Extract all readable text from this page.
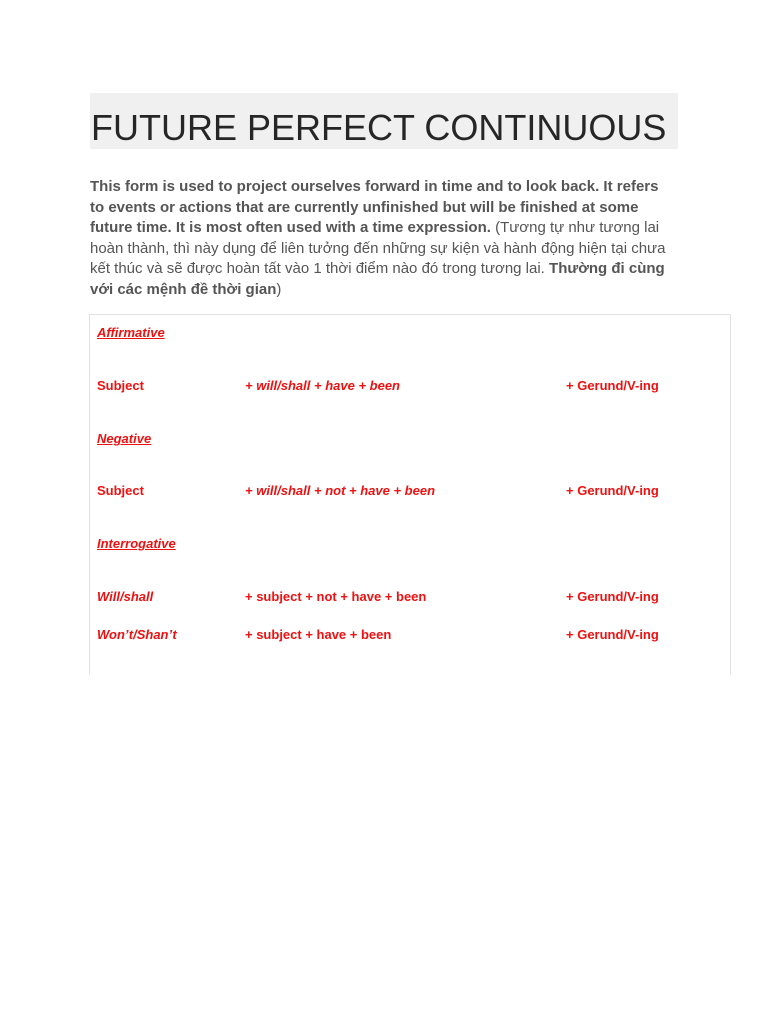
FUTURE PERFECT CONTINUOUS

This form is used to project ourselves forward in time and to look back. It refers to events or actions that are currently unfinished but will be finished at some future time. It is most often used with a time expression. (Tương tự như tương lai hoàn thành, thì này dụng để liên tưởng đến những sự kiện và hành động hiện tại chưa kết thúc và sẽ được hoàn tất vào 1 thời điểm nào đó trong tương lai. Thường đi cùng với các mệnh đề thời gian)

Affirmative
Subject	+ will/shall + have + been	+ Gerund/V-ing
Negative
Subject	+ will/shall + not + have + been	+ Gerund/V-ing
Interrogative
Will/shall	+ subject + not + have + been	+ Gerund/V-ing
Won’t/Shan’t	+ subject + have + been	+ Gerund/V-ing
